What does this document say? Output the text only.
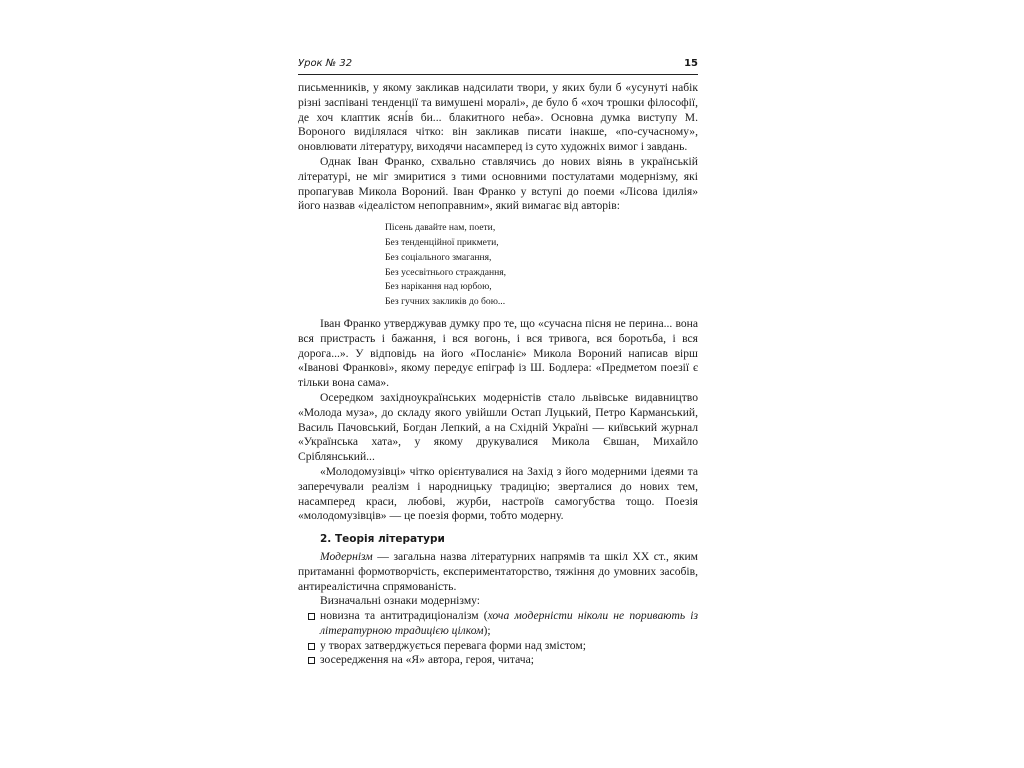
Урок № 32	15

письменників, у якому закликав надсилати твори, у яких були б «усунуті набік різні заспівані тенденції та вимушені моралі», де було б «хоч трошки філософії, де хоч клаптик ясні́в би... блакитного неба». Основна думка виступу М. Вороного виділялася чітко: він закликав писати інакше, «по-сучасному», оновлювати літературу, виходячи насамперед із суто художніх вимог і завдань.

Однак Іван Франко, схвально ставлячись до нових віянь в українській літературі, не міг змиритися з тими основними постулатами модернізму, які пропагував Микола Вороний. Іван Франко у вступі до поеми «Лісова ідилія» його назвав «ідеалістом непоправним», який вимагає від авторів:

Пісень давайте нам, поети,
Без тенденційної прикмети,
Без соціального змагання,
Без усесвітнього страждання,
Без нарікання над юрбою,
Без гучних закликів до бою...

Іван Франко утверджував думку про те, що «сучасна пісня не перина... вона вся пристрасть і бажання, і вся вогонь, і вся тривога, вся боротьба, і вся дорога...». У відповідь на його «Посланіє» Микола Вороний написав вірш «Іванові Франкові», якому передує епіграф із Ш. Бодлера: «Предметом поезії є тільки вона сама».

Осередком західноукраїнських модерністів стало львівське видавництво «Молода муза», до складу якого увійшли Остап Луцький, Петро Карманський, Василь Пачовський, Богдан Лепкий, а на Східній Україні — київський журнал «Українська хата», у якому друкувалися Микола Євшан, Михайло Сріблянський...

«Молодомузівці» чітко орієнтувалися на Захід з його модерними ідеями та заперечували реалізм і народницьку традицію; зверталися до нових тем, насамперед краси, любові, журби, настроїв самогубства тощо. Поезія «молодомузівців» — це поезія форми, тобто модерну.

2. Теорія літератури

Модернізм — загальна назва літературних напрямів та шкіл XX ст., яким притаманні формотворчість, експериментаторство, тяжіння до умовних засобів, антиреалістична спрямованість.

Визначальні ознаки модернізму:

новизна та антитрадиціоналізм (хоча модерністи ніколи не поривають із літературною традицією цілком);
у творах затверджується перевага форми над змістом;
зосередження на «Я» автора, героя, читача;
